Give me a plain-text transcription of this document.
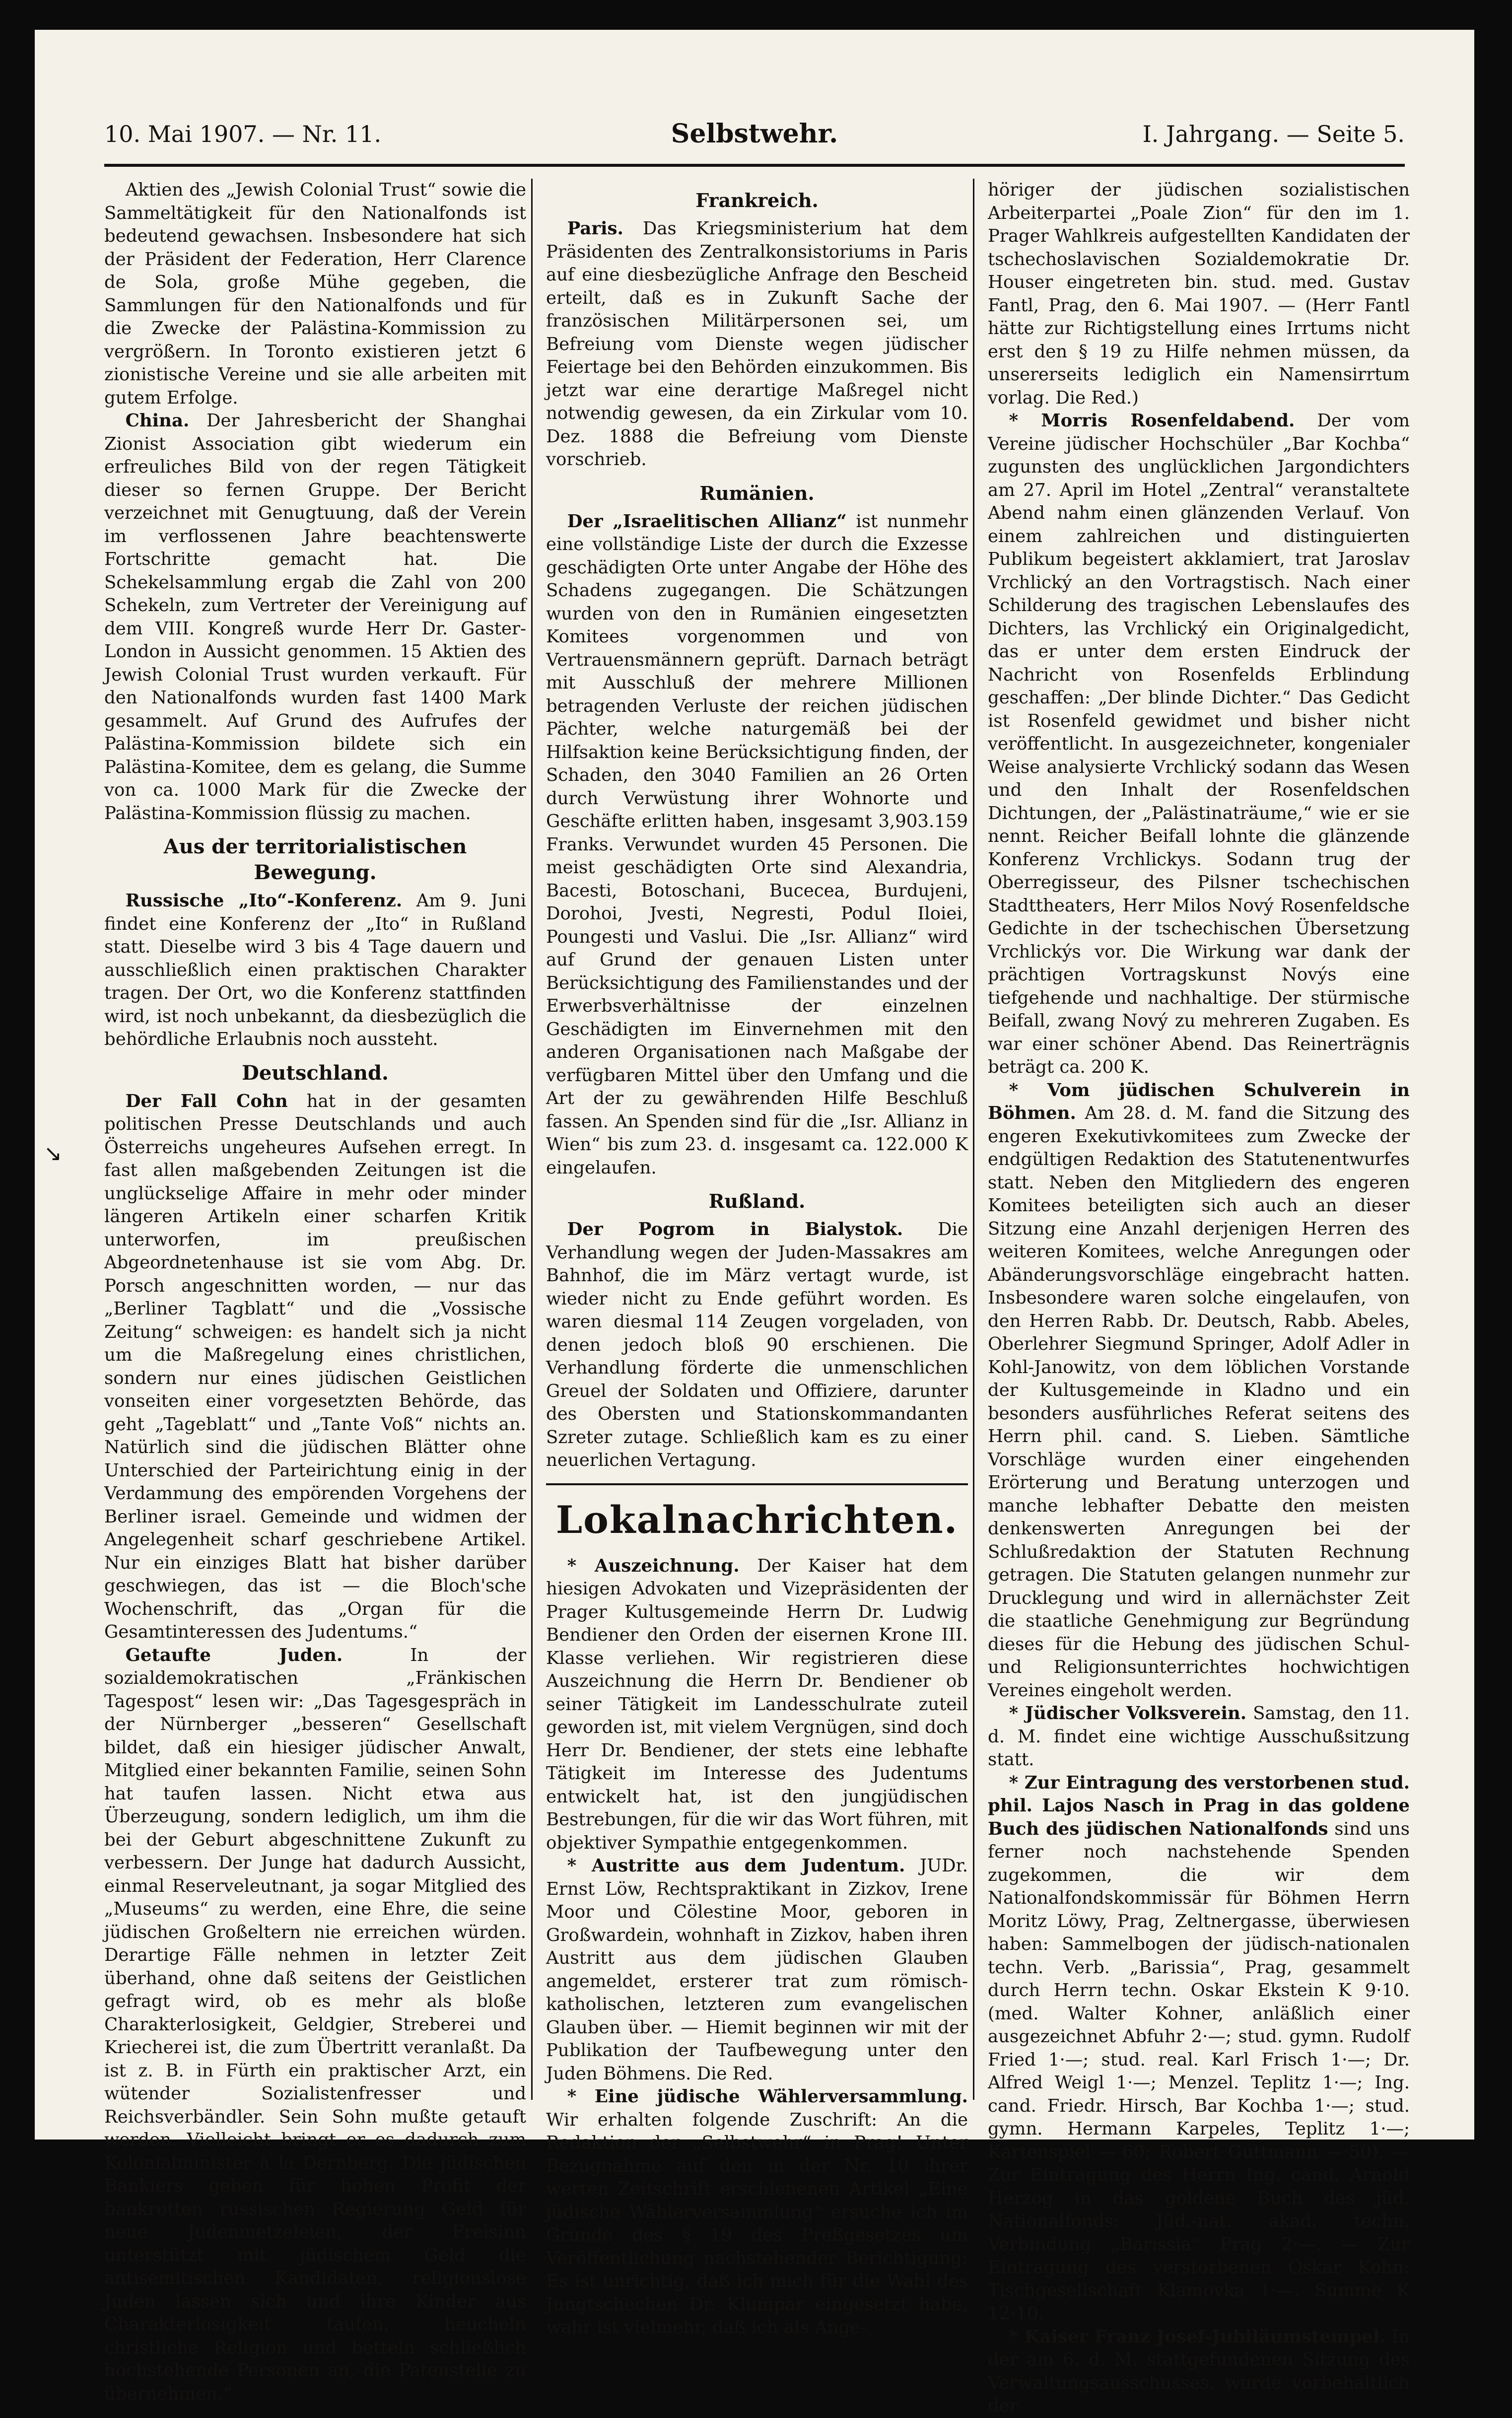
10. Mai 1907. — Nr. 11.	Selbstwehr.	I. Jahrgang. — Seite 5.

Aktien des „Jewish Colonial Trust“ sowie die Sammeltätigkeit für den Nationalfonds ist bedeutend gewachsen. Insbesondere hat sich der Präsident der Federation, Herr Clarence de Sola, große Mühe gegeben, die Sammlungen für den Nationalfonds und für die Zwecke der Palästina-Kommission zu vergrößern. In Toronto existieren jetzt 6 zionistische Vereine und sie alle arbeiten mit gutem Erfolge.

China. Der Jahresbericht der Shanghai Zionist Association gibt wiederum ein erfreuliches Bild von der regen Tätigkeit dieser so fernen Gruppe. Der Bericht verzeichnet mit Genugtuung, daß der Verein im verflossenen Jahre beachtenswerte Fortschritte gemacht hat. Die Schekelsammlung ergab die Zahl von 200 Schekeln, zum Vertreter der Vereinigung auf dem VIII. Kongreß wurde Herr Dr. Gaster-London in Aussicht genommen. 15 Aktien des Jewish Colonial Trust wurden verkauft. Für den Nationalfonds wurden fast 1400 Mark gesammelt. Auf Grund des Aufrufes der Palästina-Kommission bildete sich ein Palästina-Komitee, dem es gelang, die Summe von ca. 1000 Mark für die Zwecke der Palästina-Kommission flüssig zu machen.

Aus der territorialistischen Bewegung.

Russische „Ito“-Konferenz. Am 9. Juni findet eine Konferenz der „Ito“ in Rußland statt. Dieselbe wird 3 bis 4 Tage dauern und ausschließlich einen praktischen Charakter tragen. Der Ort, wo die Konferenz stattfinden wird, ist noch unbekannt, da diesbezüglich die behördliche Erlaubnis noch aussteht.

Deutschland.

Der Fall Cohn hat in der gesamten politischen Presse Deutschlands und auch Österreichs ungeheures Aufsehen erregt. In fast allen maßgebenden Zeitungen ist die unglückselige Affaire in mehr oder minder längeren Artikeln einer scharfen Kritik unterworfen, im preußischen Abgeordnetenhause ist sie vom Abg. Dr. Porsch angeschnitten worden, — nur das „Berliner Tagblatt“ und die „Vossische Zeitung“ schweigen: es handelt sich ja nicht um die Maßregelung eines christlichen, sondern nur eines jüdischen Geistlichen vonseiten einer vorgesetzten Behörde, das geht „Tageblatt“ und „Tante Voß“ nichts an. Natürlich sind die jüdischen Blätter ohne Unterschied der Parteirichtung einig in der Verdammung des empörenden Vorgehens der Berliner israel. Gemeinde und widmen der Angelegenheit scharf geschriebene Artikel. Nur ein einziges Blatt hat bisher darüber geschwiegen, das ist — die Bloch'sche Wochenschrift, das „Organ für die Gesamtinteressen des Judentums.“

Getaufte Juden. In der sozialdemokratischen „Fränkischen Tagespost“ lesen wir: „Das Tagesgespräch in der Nürnberger „besseren“ Gesellschaft bildet, daß ein hiesiger jüdischer Anwalt, Mitglied einer bekannten Familie, seinen Sohn hat taufen lassen. Nicht etwa aus Überzeugung, sondern lediglich, um ihm die bei der Geburt abgeschnittene Zukunft zu verbessern. Der Junge hat dadurch Aussicht, einmal Reserveleutnant, ja sogar Mitglied des „Museums“ zu werden, eine Ehre, die seine jüdischen Großeltern nie erreichen würden. Derartige Fälle nehmen in letzter Zeit überhand, ohne daß seitens der Geistlichen gefragt wird, ob es mehr als bloße Charakterlosigkeit, Geldgier, Streberei und Kriecherei ist, die zum Übertritt veranlaßt. Da ist z. B. in Fürth ein praktischer Arzt, ein wütender Sozialistenfresser und Reichsverbändler. Sein Sohn mußte getauft werden. Vielleicht bringt er es dadurch zum Kolonialminister à la Dernberg. Die jüdischen Bankiers geben für hohen Profit der bankrotten russischen Regierung Geld für neue Judenmetzeleien, der Freisinn unterstützt mit jüdischem Geld die antisemitischen Kandidaten, religionslose Juden lassen sich und ihre Kinder aus Charakterlosigkeit taufen, heucheln christliche Religion und betteln schließlich hochstehende Personen an, die Patenstelle zu übernehmen.“

Frankreich.

Paris. Das Kriegsministerium hat dem Präsidenten des Zentralkonsistoriums in Paris auf eine diesbezügliche Anfrage den Bescheid erteilt, daß es in Zukunft Sache der französischen Militärpersonen sei, um Befreiung vom Dienste wegen jüdischer Feiertage bei den Behörden einzukommen. Bis jetzt war eine derartige Maßregel nicht notwendig gewesen, da ein Zirkular vom 10. Dez. 1888 die Befreiung vom Dienste vorschrieb.

Rumänien.

Der „Israelitischen Allianz“ ist nunmehr eine vollständige Liste der durch die Exzesse geschädigten Orte unter Angabe der Höhe des Schadens zugegangen. Die Schätzungen wurden von den in Rumänien eingesetzten Komitees vorgenommen und von Vertrauensmännern geprüft. Darnach beträgt mit Ausschluß der mehrere Millionen betragenden Verluste der reichen jüdischen Pächter, welche naturgemäß bei der Hilfsaktion keine Berücksichtigung finden, der Schaden, den 3040 Familien an 26 Orten durch Verwüstung ihrer Wohnorte und Geschäfte erlitten haben, insgesamt 3,903.159 Franks. Verwundet wurden 45 Personen. Die meist geschädigten Orte sind Alexandria, Bacesti, Botoschani, Buceceа, Burdujeni, Dorohoi, Jvesti, Negresti, Podul Iloiei, Poungesti und Vaslui. Die „Isr. Allianz“ wird auf Grund der genauen Listen unter Berücksichtigung des Familienstandes und der Erwerbsverhältnisse der einzelnen Geschädigten im Einvernehmen mit den anderen Organisationen nach Maßgabe der verfügbaren Mittel über den Umfang und die Art der zu gewährenden Hilfe Beschluß fassen. An Spenden sind für die „Isr. Allianz in Wien“ bis zum 23. d. insgesamt ca. 122.000 K eingelaufen.

Rußland.

Der Pogrom in Bialystok. Die Verhandlung wegen der Juden-Massakres am Bahnhof, die im März vertagt wurde, ist wieder nicht zu Ende geführt worden. Es waren diesmal 114 Zeugen vorgeladen, von denen jedoch bloß 90 erschienen. Die Verhandlung förderte die unmenschlichen Greuel der Soldaten und Offiziere, darunter des Obersten und Stationskommandanten Szreter zutage. Schließlich kam es zu einer neuerlichen Vertagung.

Lokalnachrichten.

* Auszeichnung. Der Kaiser hat dem hiesigen Advokaten und Vizepräsidenten der Prager Kultusgemeinde Herrn Dr. Ludwig Bendiener den Orden der eisernen Krone III. Klasse verliehen. Wir registrieren diese Auszeichnung die Herrn Dr. Bendiener ob seiner Tätigkeit im Landesschulrate zuteil geworden ist, mit vielem Vergnügen, sind doch Herr Dr. Bendiener, der stets eine lebhafte Tätigkeit im Interesse des Judentums entwickelt hat, ist den jungjüdischen Bestrebungen, für die wir das Wort führen, mit objektiver Sympathie entgegenkommen.

* Austritte aus dem Judentum. JUDr. Ernst Löw, Rechtspraktikant in Zizkov, Irene Moor und Cölestine Moor, geboren in Großwardein, wohnhaft in Zizkov, haben ihren Austritt aus dem jüdischen Glauben angemeldet, ersterer trat zum römisch-katholischen, letzteren zum evangelischen Glauben über. — Hiemit beginnen wir mit der Publikation der Taufbewegung unter den Juden Böhmens. Die Red.

* Eine jüdische Wählerversammlung. Wir erhalten folgende Zuschrift: An die Redaktion der „Selbstwehr“ in Prag! Unter Bezugnahme auf den in der Nr. 10 ihrer werten Zeitschrift erschienenen Artikel „Eine jüdische Wählerversammlung“ ersuche ich im Grunde des § 19 des Preßgesetzes um Veröffentlichung nachstehender Berichtigung: Es ist unrichtig, daß ich mich für die Wahl des Jungtschechen Dr. Klumpar eingesetzt habe, wahr ist vielmehr, daß ich als Ange-

höriger der jüdischen sozialistischen Arbeiterpartei „Poale Zion“ für den im 1. Prager Wahlkreis aufgestellten Kandidaten der tschechoslavischen Sozialdemokratie Dr. Houser eingetreten bin. stud. med. Gustav Fantl, Prag, den 6. Mai 1907. — (Herr Fantl hätte zur Richtigstellung eines Irrtums nicht erst den § 19 zu Hilfe nehmen müssen, da unsererseits lediglich ein Namensirrtum vorlag. Die Red.)

* Morris Rosenfeldabend. Der vom Vereine jüdischer Hochschüler „Bar Kochba“ zugunsten des unglücklichen Jargondichters am 27. April im Hotel „Zentral“ veranstaltete Abend nahm einen glänzenden Verlauf. Von einem zahlreichen und distinguierten Publikum begeistert akklamiert, trat Jaroslav Vrchlický an den Vortragstisch. Nach einer Schilderung des tragischen Lebenslaufes des Dichters, las Vrchlický ein Originalgedicht, das er unter dem ersten Eindruck der Nachricht von Rosenfelds Erblindung geschaffen: „Der blinde Dichter.“ Das Gedicht ist Rosenfeld gewidmet und bisher nicht veröffentlicht. In ausgezeichneter, kongenialer Weise analysierte Vrchlický sodann das Wesen und den Inhalt der Rosenfeldschen Dichtungen, der „Palästinaträume,“ wie er sie nennt. Reicher Beifall lohnte die glänzende Konferenz Vrchlickys. Sodann trug der Oberregisseur, des Pilsner tschechischen Stadttheaters, Herr Milos Nový Rosenfeldsche Gedichte in der tschechischen Übersetzung Vrchlickýs vor. Die Wirkung war dank der prächtigen Vortragskunst Novýs eine tiefgehende und nachhaltige. Der stürmische Beifall, zwang Nový zu mehreren Zugaben. Es war einer schöner Abend. Das Reinerträgnis beträgt ca. 200 K.

* Vom jüdischen Schulverein in Böhmen. Am 28. d. M. fand die Sitzung des engeren Exekutivkomitees zum Zwecke der endgültigen Redaktion des Statutenentwurfes statt. Neben den Mitgliedern des engeren Komitees beteiligten sich auch an dieser Sitzung eine Anzahl derjenigen Herren des weiteren Komitees, welche Anregungen oder Abänderungsvorschläge eingebracht hatten. Insbesondere waren solche eingelaufen, von den Herren Rabb. Dr. Deutsch, Rabb. Abeles, Oberlehrer Siegmund Springer, Adolf Adler in Kohl-Janowitz, von dem löblichen Vorstande der Kultusgemeinde in Kladno und ein besonders ausführliches Referat seitens des Herrn phil. cand. S. Lieben. Sämtliche Vorschläge wurden einer eingehenden Erörterung und Beratung unterzogen und manche lebhafter Debatte den meisten denkenswerten Anregungen bei der Schlußredaktion der Statuten Rechnung getragen. Die Statuten gelangen nunmehr zur Drucklegung und wird in allernächster Zeit die staatliche Genehmigung zur Begründung dieses für die Hebung des jüdischen Schul- und Religionsunterrichtes hochwichtigen Vereines eingeholt werden.

* Jüdischer Volksverein. Samstag, den 11. d. M. findet eine wichtige Ausschußsitzung statt.

* Zur Eintragung des verstorbenen stud. phil. Lajos Nasch in Prag in das goldene Buch des jüdischen Nationalfonds sind uns ferner noch nachstehende Spenden zugekommen, die wir dem Nationalfondskommissär für Böhmen Herrn Moritz Löwy, Prag, Zeltnergasse, überwiesen haben: Sammelbogen der jüdisch-nationalen techn. Verb. „Barissia“, Prag, gesammelt durch Herrn techn. Oskar Ekstein K 9·10. (med. Walter Kohner, anläßlich einer ausgezeichnet Abfuhr 2·—; stud. gymn. Rudolf Fried 1·—; stud. real. Karl Frisch 1·—; Dr. Alfred Weigl 1·—; Menzel. Teplitz 1·—; Ing. cand. Friedr. Hirsch, Bar Kochba 1·—; stud. gymn. Hermann Karpeles, Teplitz 1·—; Kartenspiel —·60; Robert Guttmann —·50). — Zur Eintragung des Herrn Ing. cand. Arnold Herzog in das goldene Buch des jüd. Nationalfonds: Jüd.-nat. akad. techn. Verbindung „Barissia“ Prag 2·—. — Zur Eintragung des verstorbenen Oskar Kohn: Tischgesellschaft Klamovka 1·—. Summe K 12·10.

* Kaiser Franz Josef-Jubiläumstempel. In der am 6. d. M. stattgefundenen Sitzung des Verwaltungsausschusses, wurde vorbehaltlich der

↘
